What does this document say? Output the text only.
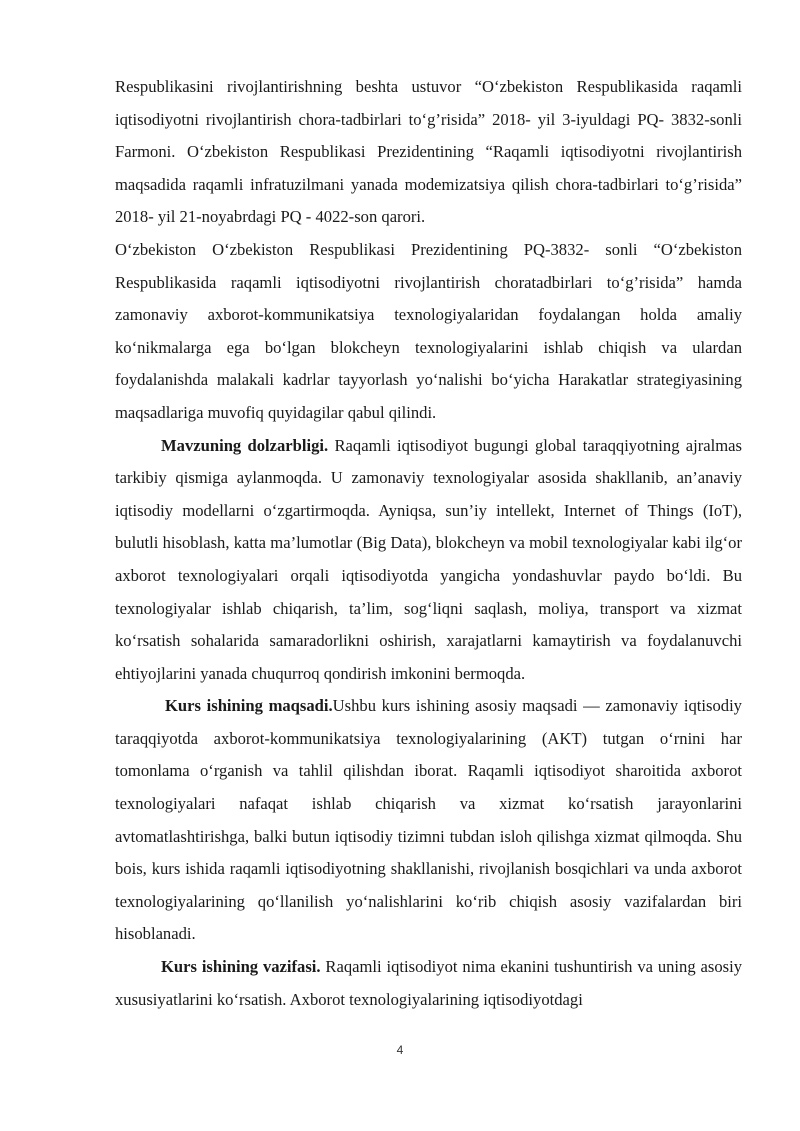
Respublikasini rivojlantirishning beshta ustuvor “O‘zbekiston Respublikasida raqamli iqtisodiyotni rivojlantirish chora-tadbirlari to‘g’risida” 2018- yil 3-iyuldagi PQ- 3832-sonli Farmoni. O‘zbekiston Respublikasi Prezidentining “Raqamli iqtisodiyotni rivojlantirish maqsadida raqamli infratuzilmani yanada modemizatsiya qilish chora-tadbirlari to‘g’risida” 2018- yil 21-noyabrdagi PQ - 4022-son qarori.

O‘zbekiston O‘zbekiston Respublikasi Prezidentining PQ-3832- sonli “O‘zbekiston Respublikasida raqamli iqtisodiyotni rivojlantirish choratadbirlari to‘g’risida” hamda zamonaviy axborot-kommunikatsiya texnologiyalaridan foydalangan holda amaliy ko‘nikmalarga ega bo‘lgan blokcheyn texnologiyalarini ishlab chiqish va ulardan foydalanishda malakali kadrlar tayyorlash yo‘nalishi bo‘yicha Harakatlar strategiyasining maqsadlariga muvofiq quyidagilar qabul qilindi.

Mavzuning dolzarbligi. Raqamli iqtisodiyot bugungi global taraqqiyotning ajralmas tarkibiy qismiga aylanmoqda. U zamonaviy texnologiyalar asosida shakllanib, an’anaviy iqtisodiy modellarni o‘zgartirmoqda. Ayniqsa, sun’iy intellekt, Internet of Things (IoT), bulutli hisoblash, katta ma’lumotlar (Big Data), blokcheyn va mobil texnologiyalar kabi ilg‘or axborot texnologiyalari orqali iqtisodiyotda yangicha yondashuvlar paydo bo‘ldi. Bu texnologiyalar ishlab chiqarish, ta’lim, sog‘liqni saqlash, moliya, transport va xizmat ko‘rsatish sohalarida samaradorlikni oshirish, xarajatlarni kamaytirish va foydalanuvchi ehtiyojlarini yanada chuqurroq qondirish imkonini bermoqda.

Kurs ishining maqsadi.Ushbu kurs ishining asosiy maqsadi — zamonaviy iqtisodiy taraqqiyotda axborot-kommunikatsiya texnologiyalarining (AKT) tutgan o‘rnini har tomonlama o‘rganish va tahlil qilishdan iborat. Raqamli iqtisodiyot sharoitida axborot texnologiyalari nafaqat ishlab chiqarish va xizmat ko‘rsatish jarayonlarini avtomatlashtirishga, balki butun iqtisodiy tizimni tubdan isloh qilishga xizmat qilmoqda. Shu bois, kurs ishida raqamli iqtisodiyotning shakllanishi, rivojlanish bosqichlari va unda axborot texnologiyalarining qo‘llanilish yo‘nalishlarini ko‘rib chiqish asosiy vazifalardan biri hisoblanadi.

Kurs ishining vazifasi. Raqamli iqtisodiyot nima ekanini tushuntirish va uning asosiy xususiyatlarini ko‘rsatish. Axborot texnologiyalarining iqtisodiyotdagi

4
